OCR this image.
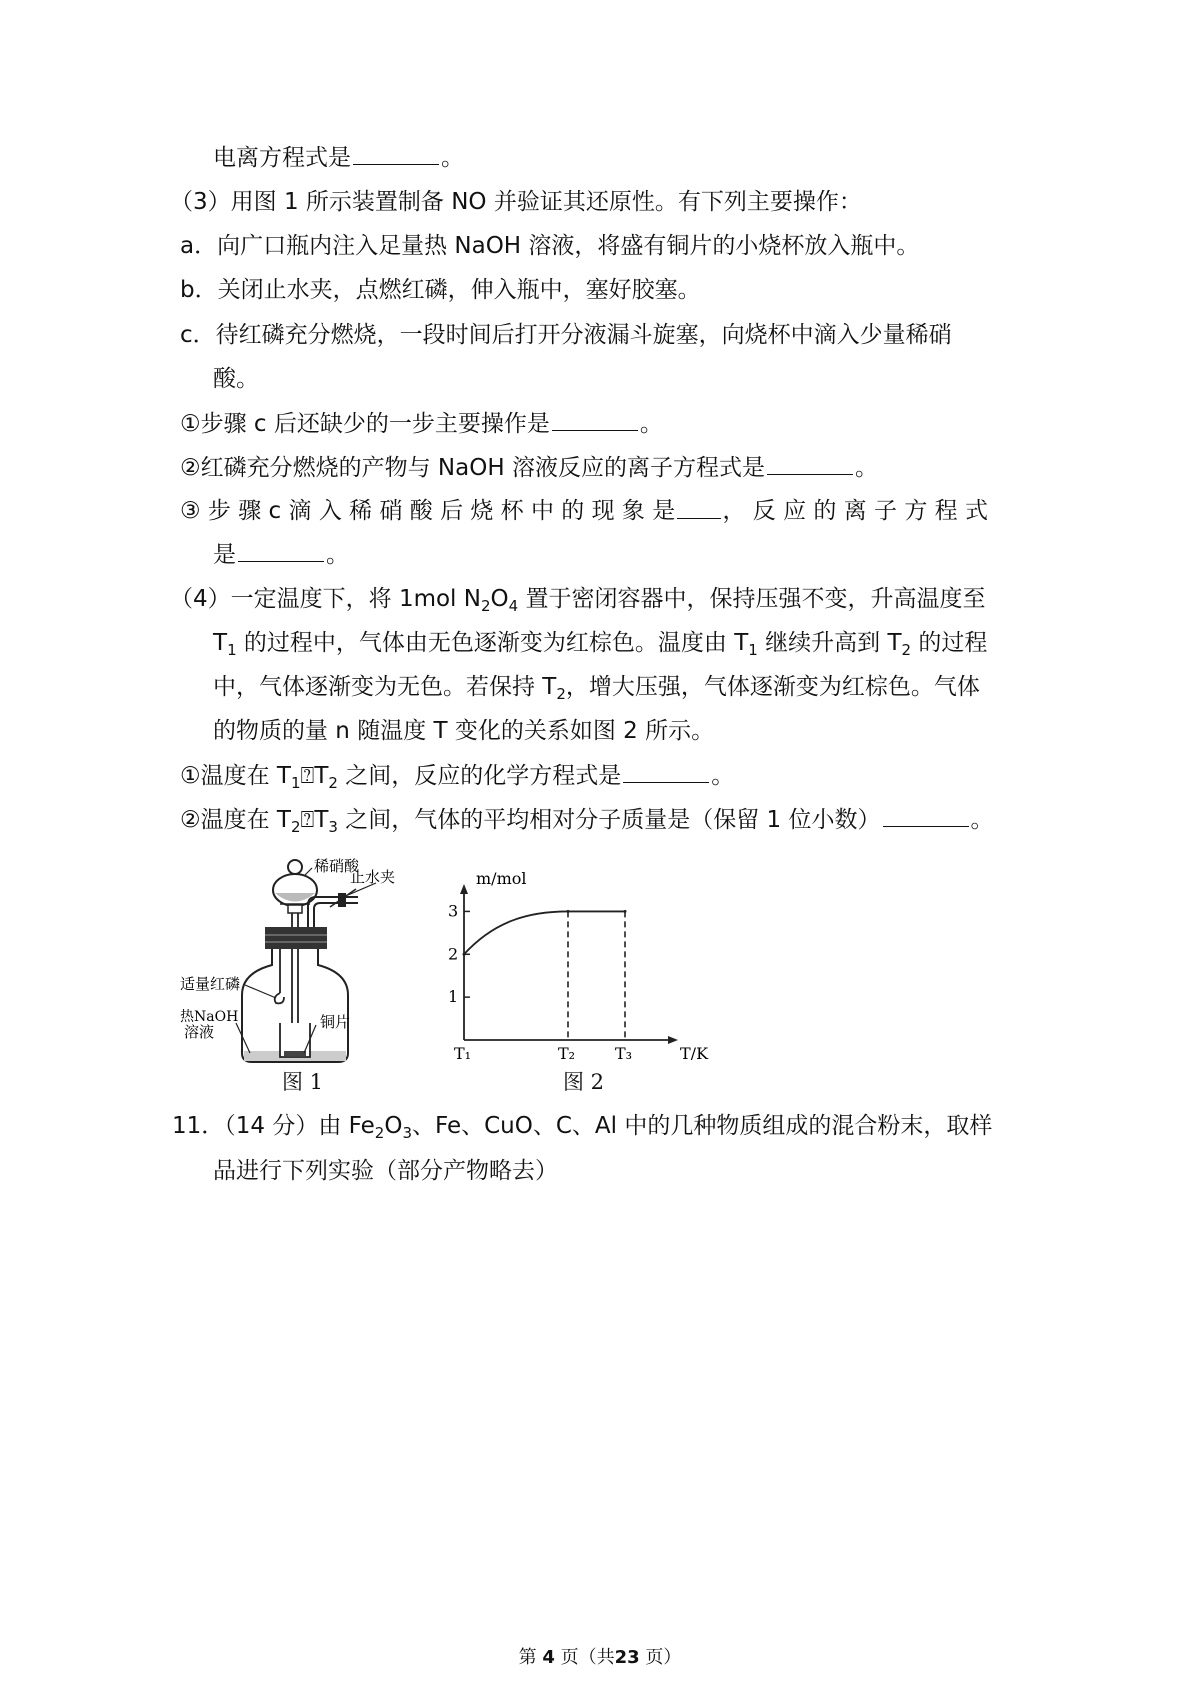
电离方程式是	。
（3）用图 1 所示装置制备 NO 并验证其还原性。有下列主要操作：
a．向广口瓶内注入足量热 NaOH 溶液，将盛有铜片的小烧杯放入瓶中。
b．关闭止水夹，点燃红磷，伸入瓶中，塞好胶塞。
c．待红磷充分燃烧，一段时间后打开分液漏斗旋塞，向烧杯中滴入少量稀硝
酸。
①步骤 c 后还缺少的一步主要操作是	。
②红磷充分燃烧的产物与 NaOH 溶液反应的离子方程式是	。
③ 步 骤 c 滴 入 稀 硝 酸 后 烧 杯 中 的 现 象 是 ， 反 应 的 离 子 方 程 式
是	。
（4）一定温度下，将 1mol $N_2O_4$ 置于密闭容器中，保持压强不变，升高温度至
$T_1$ 的过程中，气体由无色逐渐变为红棕色。温度由 $T_1$ 继续升高到 $T_2$ 的过程
中，气体逐渐变为无色。若保持 $T_2$，增大压强，气体逐渐变为红棕色。气体
的物质的量 n 随温度 T 变化的关系如图 2 所示。
①温度在 $T_1⍰T_2$ 之间，反应的化学方程式是	。
②温度在 $T_2⍰T_3$ 之间，气体的平均相对分子质量是（保留 1 位小数）	。
稀硝酸
止水夹
适量红磷
热NaOH
溶液
铜片
图 1
m/mol
T/K
1
2
3
T₁	T₂ T₃
图 2
11．（14 分）由 $Fe_2O_3$、Fe、CuO、C、Al 中的几种物质组成的混合粉末，取样
品进行下列实验（部分产物略去）
第 4 页（共23 页）
